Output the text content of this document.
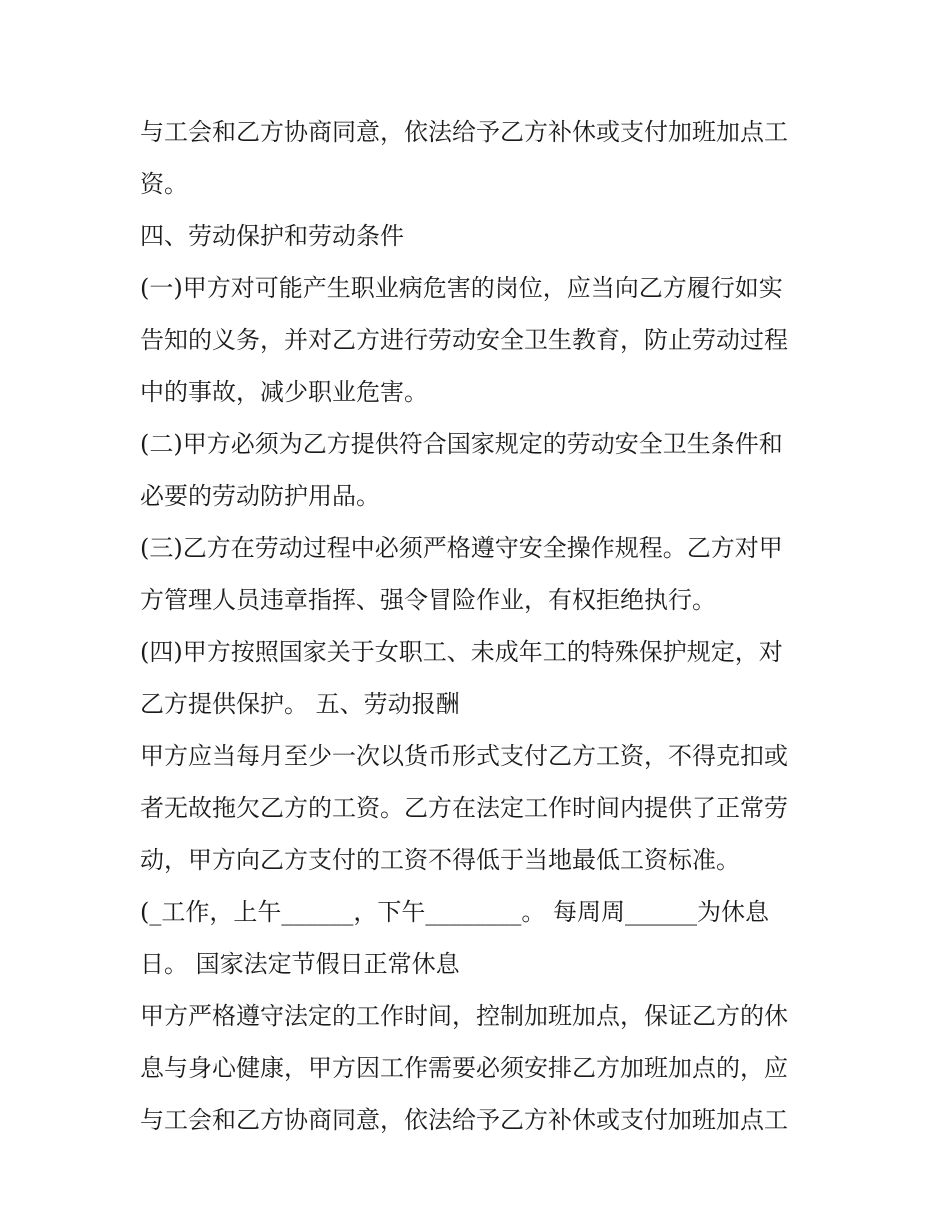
与工会和乙方协商同意，依法给予乙方补休或支付加班加点工
资。
四、劳动保护和劳动条件
(一)甲方对可能产生职业病危害的岗位，应当向乙方履行如实
告知的义务，并对乙方进行劳动安全卫生教育，防止劳动过程
中的事故，减少职业危害。
(二)甲方必须为乙方提供符合国家规定的劳动安全卫生条件和
必要的劳动防护用品。
(三)乙方在劳动过程中必须严格遵守安全操作规程。乙方对甲
方管理人员违章指挥、强令冒险作业，有权拒绝执行。
(四)甲方按照国家关于女职工、未成年工的特殊保护规定，对
乙方提供保护。 五、劳动报酬
甲方应当每月至少一次以货币形式支付乙方工资，不得克扣或
者无故拖欠乙方的工资。乙方在法定工作时间内提供了正常劳
动，甲方向乙方支付的工资不得低于当地最低工资标准。
(_工作，上午______，下午________。 每周周______为休息
日。 国家法定节假日正常休息
甲方严格遵守法定的工作时间，控制加班加点，保证乙方的休
息与身心健康，甲方因工作需要必须安排乙方加班加点的，应
与工会和乙方协商同意，依法给予乙方补休或支付加班加点工
